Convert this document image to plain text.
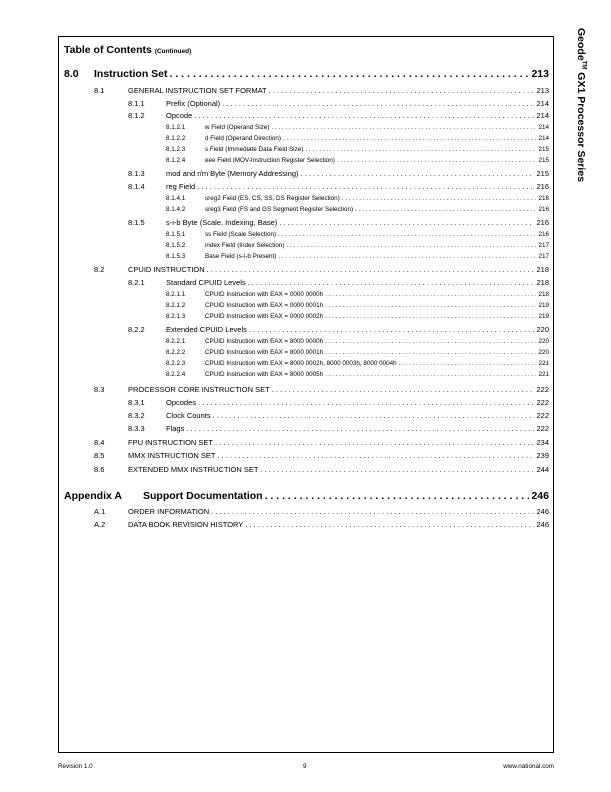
Table of Contents (Continued)	Geode™ GX1 Processor Series
8.0	Instruction Set . . .	213
8.1	GENERAL INSTRUCTION SET FORMAT . . .	213
8.1.1	Prefix (Optional) . . .	214
8.1.2	Opcode . . .	214
8.1.2.1	w Field (Operand Size) . . .	214
8.1.2.2	d Field (Operand Direction) . . .	214
8.1.2.3	s Field (Immediate Data Field Size) . . .	215
8.1.2.4	eee Field (MOV-Instruction Register Selection) . . .	215
8.1.3	mod and r/m Byte (Memory Addressing) . . .	215
8.1.4	reg Field . . .	216
8.1.4.1	sreg2 Field (ES, CS, SS, DS Register Selection) . . .	216
8.1.4.2	sreg3 Field (FS and GS Segment Register Selection) . . .	216
8.1.5	s-i-b Byte (Scale, Indexing, Base) . . .	216
8.1.5.1	ss Field (Scale Selection) . . .	216
8.1.5.2	index Field (Index Selection) . . .	217
8.1.5.3	Base Field (s-i-b Present) . . .	217
8.2	CPUID INSTRUCTION . . .	218
8.2.1	Standard CPUID Levels . . .	218
8.2.1.1	CPUID Instruction with EAX = 0000 0000h . . .	218
8.2.1.2	CPUID Instruction with EAX = 0000 0001h . . .	219
8.2.1.3	CPUID Instruction with EAX = 0000 0002h . . .	219
8.2.2	Extended CPUID Levels . . .	220
8.2.2.1	CPUID Instruction with EAX = 8000 0000h . . .	220
8.2.2.2	CPUID Instruction with EAX = 8000 0001h . . .	220
8.2.2.3	CPUID Instruction with EAX = 8000 0002h, 8000 0003h, 8000 0004h . . .	221
8.2.2.4	CPUID Instruction with EAX = 8000 0005h . . .	221
8.3	PROCESSOR CORE INSTRUCTION SET . . .	222
8.3.1	Opcodes . . .	222
8.3.2	Clock Counts . . .	222
8.3.3	Flags . . .	222
8.4	FPU INSTRUCTION SET . . .	234
8.5	MMX INSTRUCTION SET . . .	239
8.6	EXTENDED MMX INSTRUCTION SET . . .	244
Appendix A	Support Documentation . . .	246
A.1	ORDER INFORMATION . . .	246
A.2	DATA BOOK REVISION HISTORY . . .	246
Revision 1.0	9	www.national.com
